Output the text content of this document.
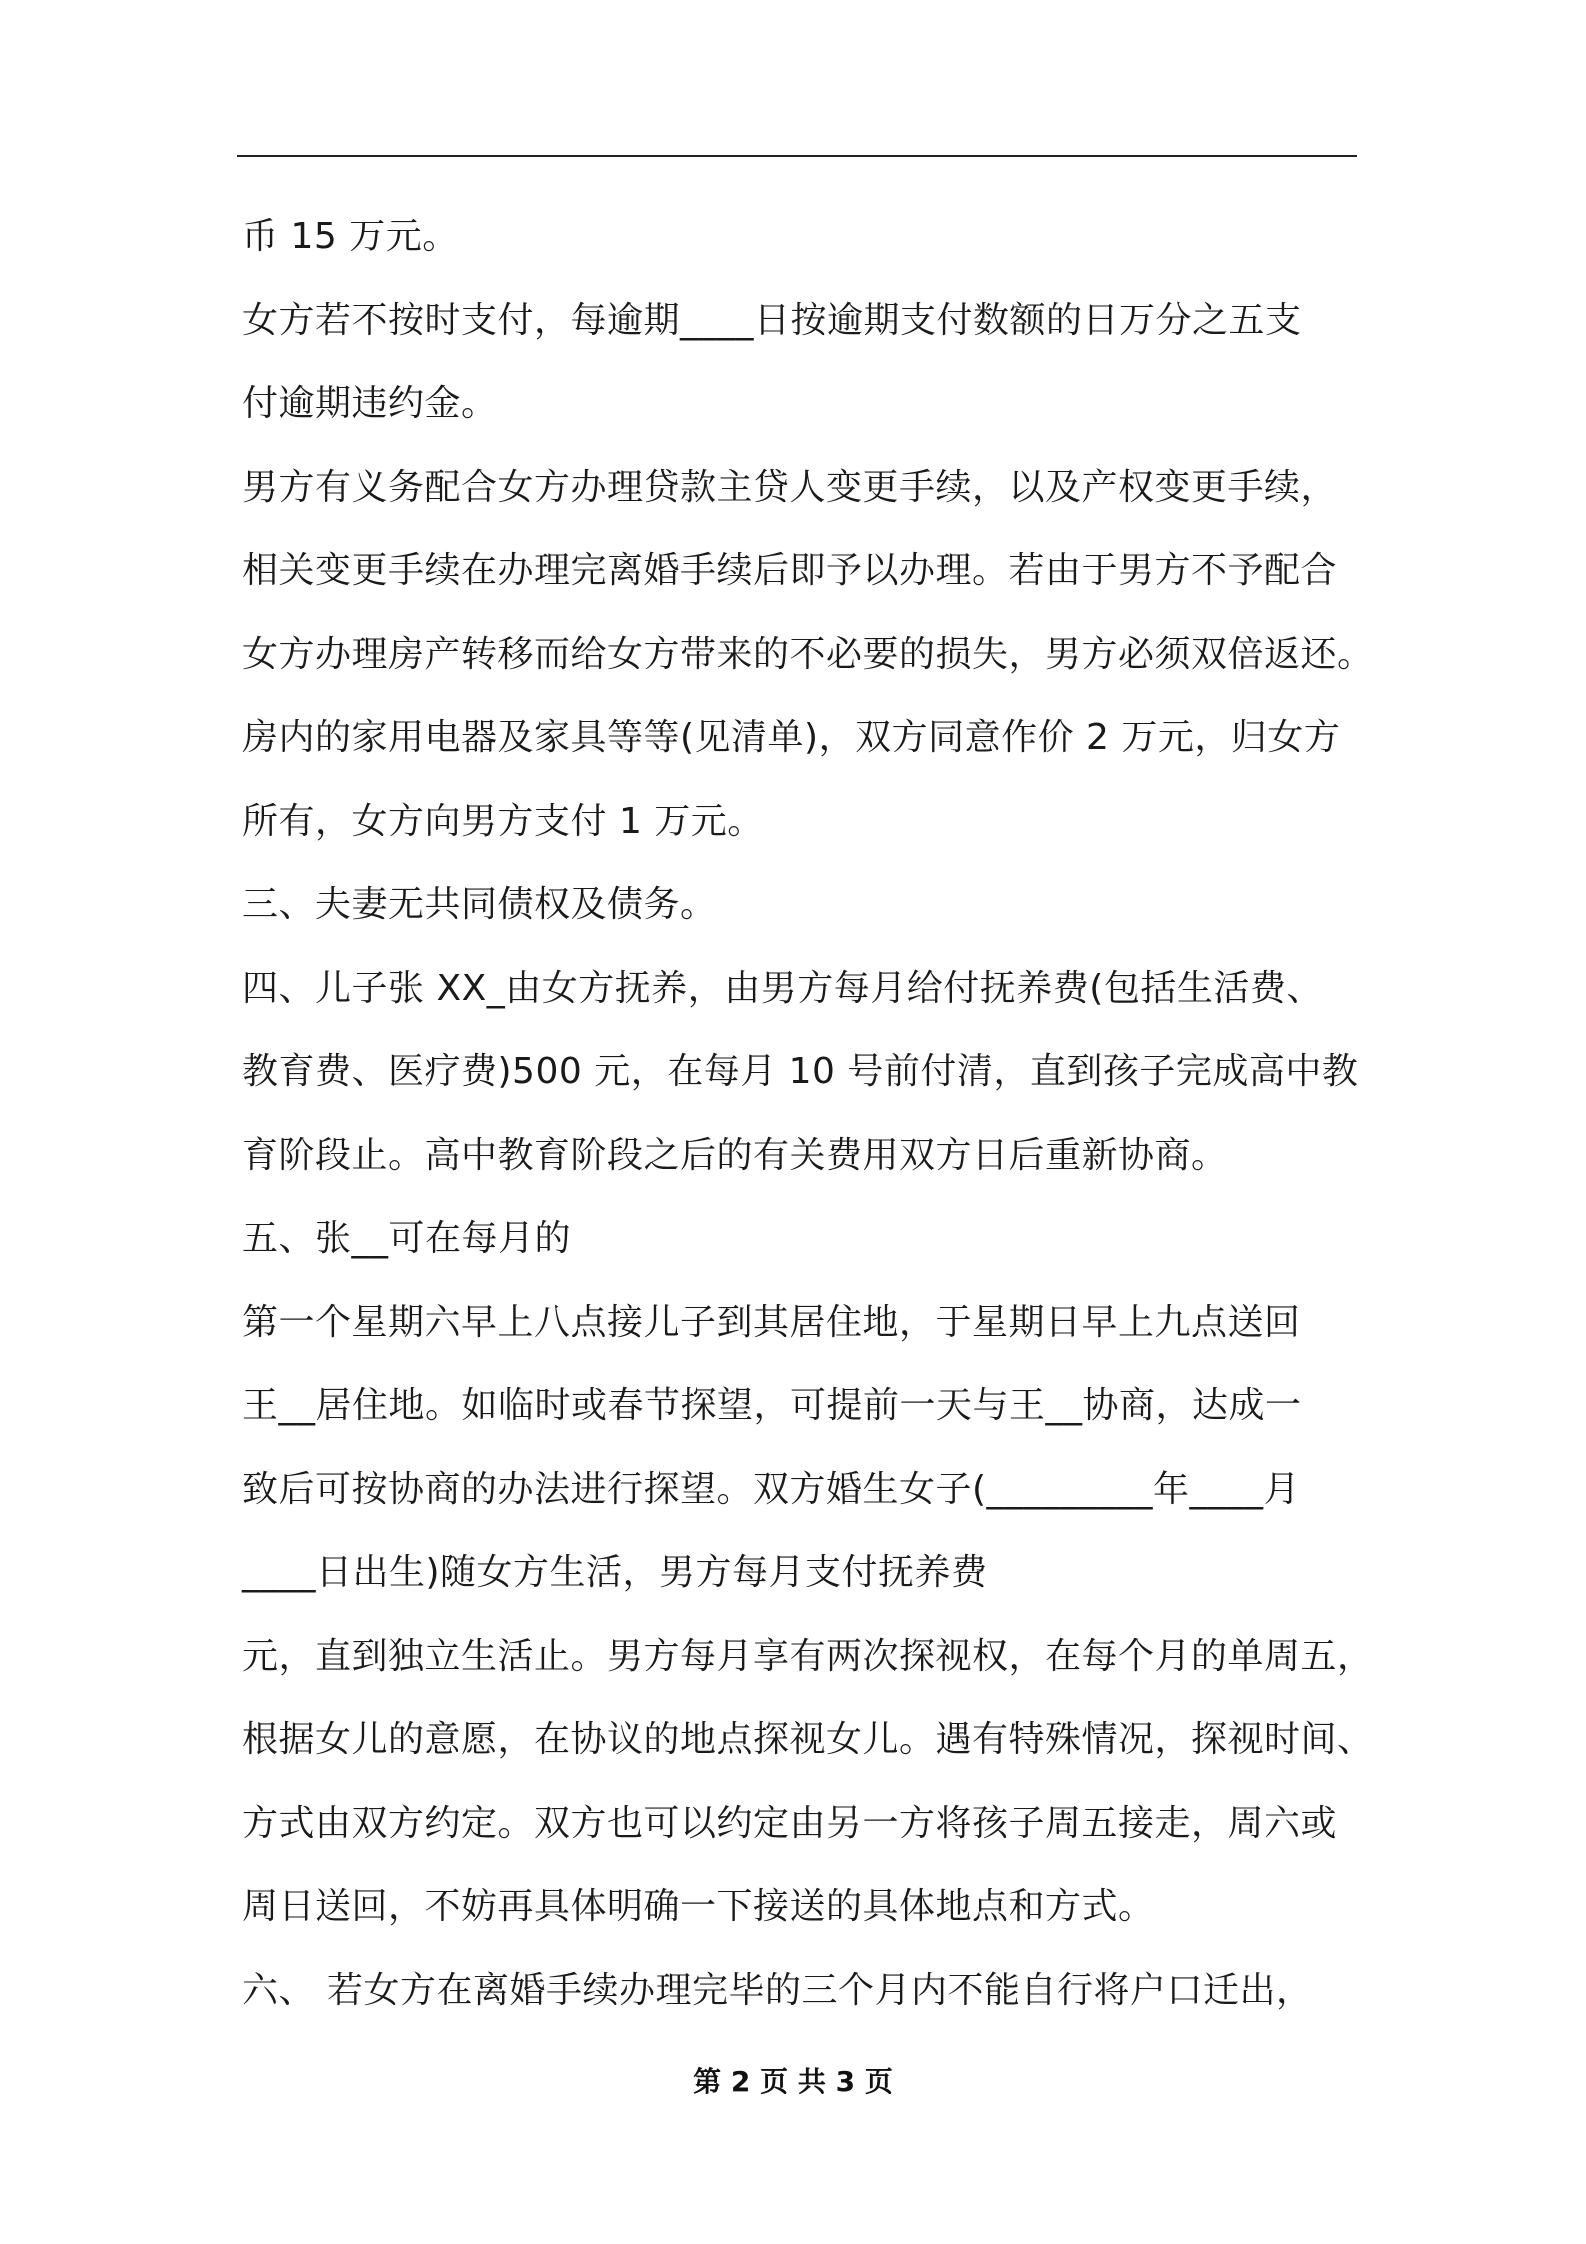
币 15 万元。
女方若不按时支付，每逾期____日按逾期支付数额的日万分之五支
付逾期违约金。
男方有义务配合女方办理贷款主贷人变更手续，以及产权变更手续，
相关变更手续在办理完离婚手续后即予以办理。若由于男方不予配合
女方办理房产转移而给女方带来的不必要的损失，男方必须双倍返还。
房内的家用电器及家具等等(见清单)，双方同意作价 2 万元，归女方
所有，女方向男方支付 1 万元。
三、夫妻无共同债权及债务。
四、儿子张 XX_由女方抚养，由男方每月给付抚养费(包括生活费、
教育费、医疗费)500 元，在每月 10 号前付清，直到孩子完成高中教
育阶段止。高中教育阶段之后的有关费用双方日后重新协商。
五、张__可在每月的
第一个星期六早上八点接儿子到其居住地，于星期日早上九点送回
王__居住地。如临时或春节探望，可提前一天与王__协商，达成一
致后可按协商的办法进行探望。双方婚生女子(_________年____月
____日出生)随女方生活，男方每月支付抚养费
元，直到独立生活止。男方每月享有两次探视权，在每个月的单周五，
根据女儿的意愿，在协议的地点探视女儿。遇有特殊情况，探视时间、
方式由双方约定。双方也可以约定由另一方将孩子周五接走，周六或
周日送回，不妨再具体明确一下接送的具体地点和方式。
六、 若女方在离婚手续办理完毕的三个月内不能自行将户口迁出，
第 2 页 共 3 页
